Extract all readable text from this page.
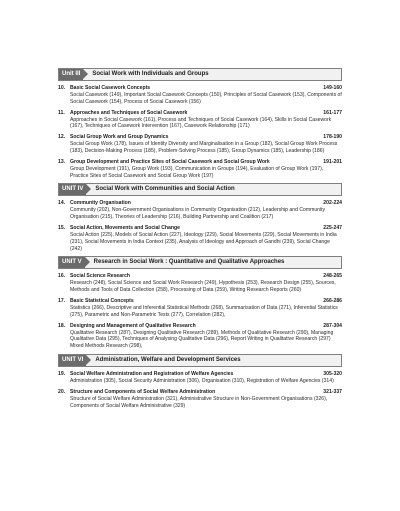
Unit III	Social Work with Individuals and Groups
10. Basic Social Casework Concepts	149-160
Social Casework (149), Important Social Casework Concepts (150), Principles of Social Casework (153), Components of Social Casework (154), Process of Social Casework (156)
11.	Approaches and Techniques of Social Casework	161-177
Approaches in Social Casework (161), Process and Techniques of Social Casework (164), Skills in Social Casework (167), Techniques of Casework Intervention (167), Casework Relationship (171)
12. Social Group Work and Group Dynamics	178-190
Social Group Work (178), Issues of Identity Diversity and Marginalisation in a Group (182), Social Group Work Process (183), Decision-Making Process (185), Problem-Solving Process (185), Group Dynamics (185), Leadership (186)
13. Group Development and Practice Sites of Social Casework and Social Group Work	191-201
Group Development (191), Group Work (193), Communication in Groups (194), Evaluation of Group Work (197), Practice Sites of Social Casework and Social Group Work (197)
UNIT IV	Social Work with Communities and Social Action
14. Community Organisation	202-224
Community (202), Non-Government Organisations in Community Organisation (212), Leadership and Community Organisation (215), Theories of Leadership (216), Building Partnership and Coalition (217)
15. Social Action, Movements and Social Change	225-247
Social Action (225), Models of Social Action (227), Ideology (229), Social Movements (229), Social Movements in India (231), Social Movements in India Context (235), Analysis of Ideology and Approach of Gandhi (239), Social Change (242)
UNIT V	Research in Social Work : Quantitative and Qualitative Approaches
16. Social Science Research	248-265
Research (248), Social Science and Social Work Research (249), Hypothesis (253), Research Design (255), Sources, Methods and Tools of Data Collection (258), Processing of Data (259), Writing Research Reports (260)
17. Basic Statistical Concepts	266-286
Statistics (266), Descriptive and Inferential Statistical Methods (268), Summarisation of Data (271), Inferential Statistics (275), Parametric and Non-Parametric Tests (277), Correlation (282),
18. Designing and Management of Qualitative Research	287-304
Qualitative Research (287), Designing Qualitative Research (289), Methods of Qualitative Research (290), Managing Qualitative Data (295), Techniques of Analysing Qualitative Data (296), Report Writing in Qualitative Research (297) Mixed Methods Research (298),
UNIT VI	Administration, Welfare and Development Services
19. Social Welfare Administration and Registration of Welfare Agencies	305-320
Administration (305), Social Security Administration (306), Organisation (310), Registration of Welfare Agencies (314)
20. Structure and Components of Social Welfare Administration	321-337
Structure of Social Welfare Administration (321), Administrative Structure in Non-Government Organisations (326), Components of Social Welfare Administrative (329)
